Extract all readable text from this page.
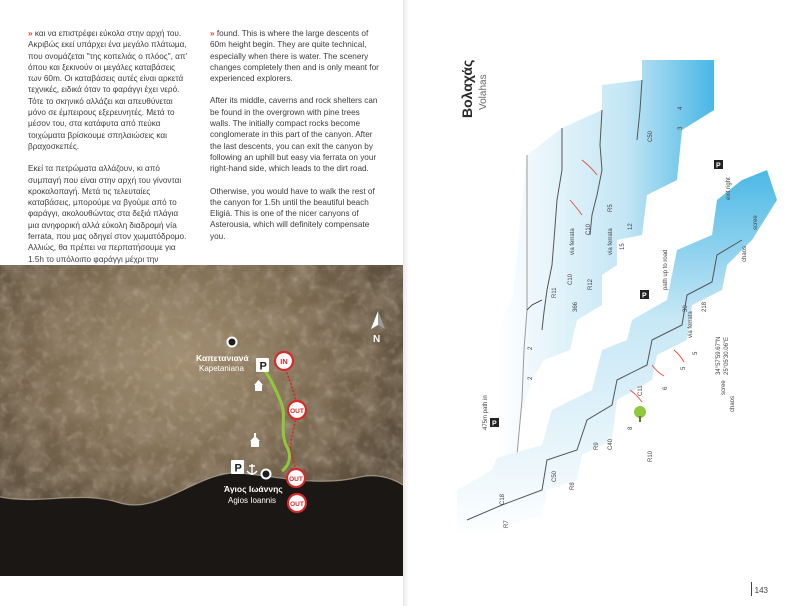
» και να επιστρέφει εύκολα στην αρχή του. Ακριβώς εκεί υπάρχει ένα μεγάλο πλάτωμα, που ονομάζεται "της κοπελιάς ο πλόος", απ' όπου και ξεκινούν οι μεγάλες καταβάσεις των 60m. Οι καταβάσεις αυτές είναι αρκετά τεχνικές, ειδικά όταν το φαράγγι έχει νερό. Τότε το σκηνικό αλλάζει και απευθύνεται μόνο σε έμπειρους εξερευνητές. Μετά το μέσον του, στα κατάφυτα από πεύκα τοιχώματα βρίσκουμε σπηλαιώσεις και βραχοσκεπές.

Εκεί τα πετρώματα αλλάζουν, κι από συμπαγή που είναι στην αρχή του γίνονται κροκαλοπαγή. Μετά τις τελευταίες καταβάσεις, μπορούμε να βγούμε από το φαράγγι, ακολουθώντας στα δεξιά πλάγια μια ανηφορική αλλά εύκολη διαδρομή vía ferrata, που μας οδηγεί στον χωματόδρομο. Αλλιώς, θα πρέπει να περπατήσουμε για 1.5h το υπόλοιπο φαράγγι μέχρι την

» found. This is where the large descents of 60m height begin. They are quite technical, especially when there is water. The scenery changes completely then and is only meant for experienced explorers.

After its middle, caverns and rock shelters can be found in the overgrown with pine trees walls. The initially compact rocks become conglomerate in this part of the canyon. After the last descents, you can exit the canyon by following an uphill but easy via ferrata on your right-hand side, which leads to the dirt road.

Otherwise, you would have to walk the rest of the canyon for 1.5h until the beautiful beach Eligiá. This is one of the nicer canyons of Asterousia, which will definitely compensate you.

N
P
P
IN
OUT
OUT
OUT
Καπετανιανά
Kapetaniana
Άγιος Ιωάννης
Agios Ioannis
Βολαχάς Volahas
C50
C10
C10
C18
C50
C40
C11
via ferrata
via ferrata
via ferrata
path up to road
exit right
scree
chaos
chaos
scree
34°57'59.67"N 25°05'30.06"E
366	218
475m path in
R10
R9
R8
R7
R11
R12
R5
4
3
12
15
2
2
5
5
6
8
30
P
P
P
143
